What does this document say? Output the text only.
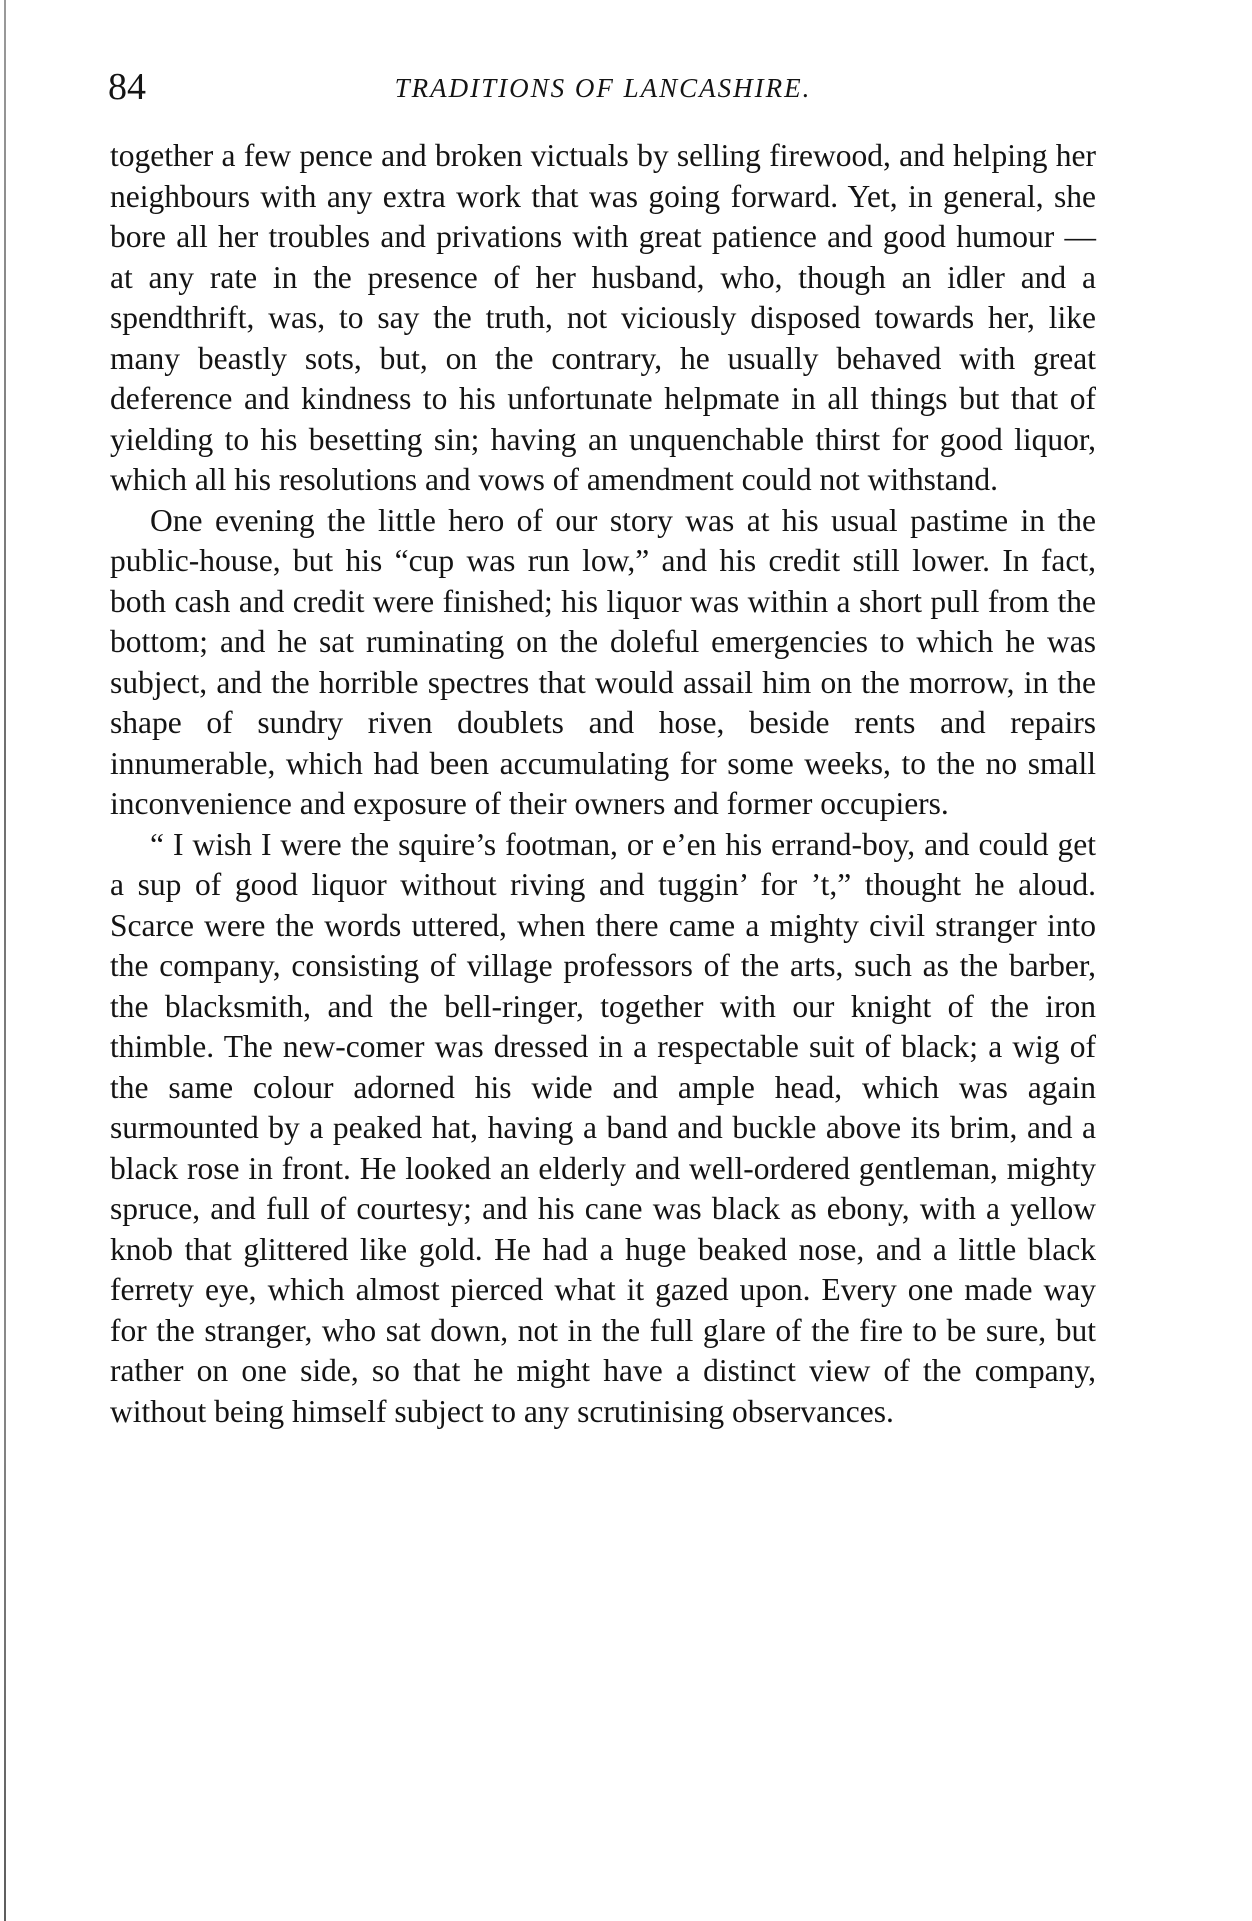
84	TRADITIONS OF LANCASHIRE.

together a few pence and broken victuals by selling firewood, and helping her neighbours with any extra work that was going forward. Yet, in general, she bore all her troubles and privations with great patience and good humour — at any rate in the presence of her husband, who, though an idler and a spendthrift, was, to say the truth, not viciously disposed towards her, like many beastly sots, but, on the contrary, he usually behaved with great deference and kindness to his unfortunate helpmate in all things but that of yielding to his besetting sin; having an unquenchable thirst for good liquor, which all his resolutions and vows of amendment could not withstand.

One evening the little hero of our story was at his usual pastime in the public-house, but his “cup was run low,” and his credit still lower. In fact, both cash and credit were finished; his liquor was within a short pull from the bottom; and he sat ruminating on the doleful emergencies to which he was subject, and the horrible spectres that would assail him on the morrow, in the shape of sundry riven doublets and hose, beside rents and repairs innumerable, which had been accumulating for some weeks, to the no small inconvenience and exposure of their owners and former occupiers.

“ I wish I were the squire’s footman, or e’en his errand-boy, and could get a sup of good liquor without riving and tuggin’ for ’t,” thought he aloud. Scarce were the words uttered, when there came a mighty civil stranger into the company, consisting of village professors of the arts, such as the barber, the blacksmith, and the bell-ringer, together with our knight of the iron thimble. The new-comer was dressed in a respectable suit of black; a wig of the same colour adorned his wide and ample head, which was again surmounted by a peaked hat, having a band and buckle above its brim, and a black rose in front. He looked an elderly and well-ordered gentleman, mighty spruce, and full of courtesy; and his cane was black as ebony, with a yellow knob that glittered like gold. He had a huge beaked nose, and a little black ferrety eye, which almost pierced what it gazed upon. Every one made way for the stranger, who sat down, not in the full glare of the fire to be sure, but rather on one side, so that he might have a distinct view of the company, without being himself subject to any scrutinising observances.
